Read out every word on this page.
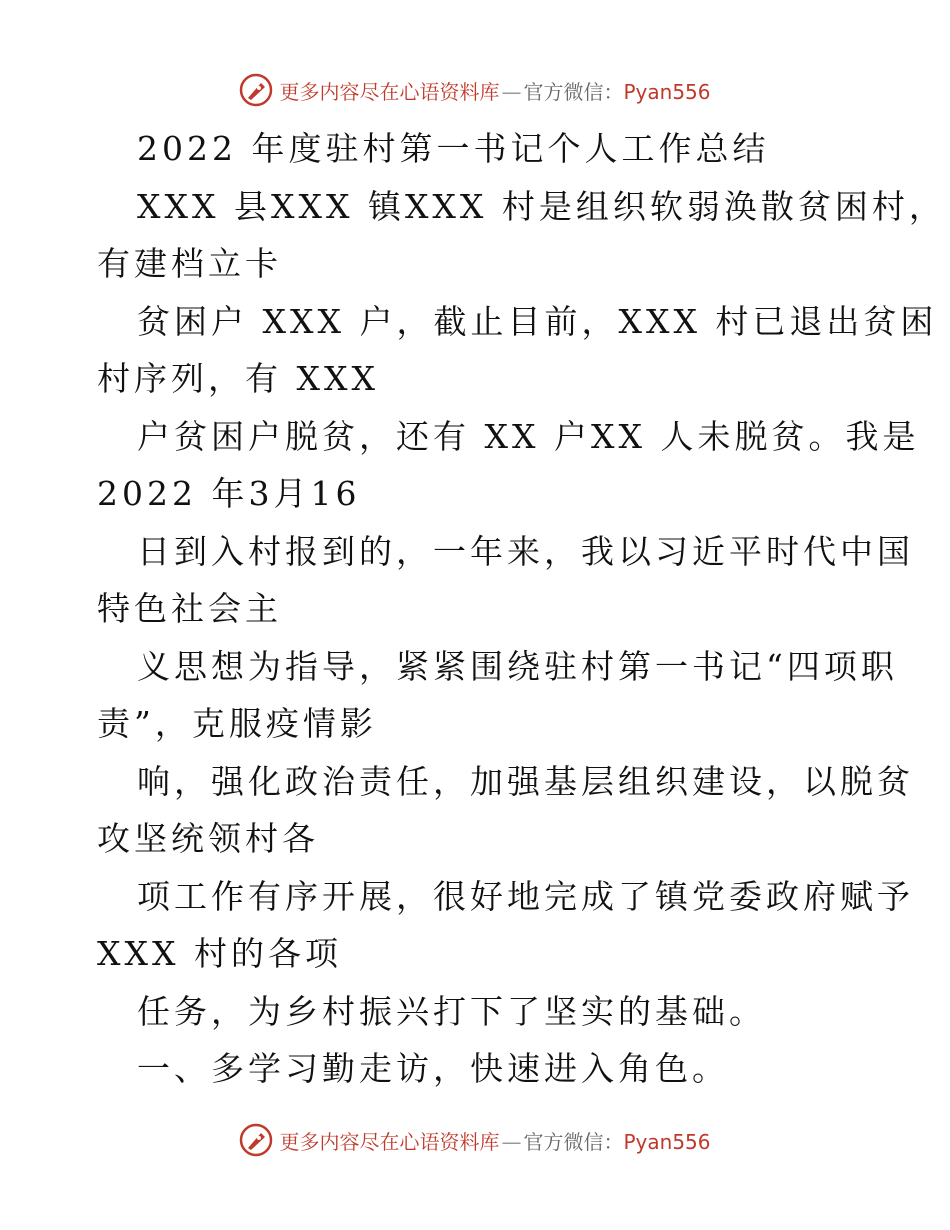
更多内容尽在心语资料库 — 官方微信：Pyan556
2022 年度驻村第一书记个人工作总结
XXX 县XXX 镇XXX 村是组织软弱涣散贫困村，
有建档立卡
贫困户 XXX 户，截止目前，XXX 村已退出贫困
村序列，有 XXX
户贫困户脱贫，还有 XX 户XX 人未脱贫。我是
2022 年3月16
日到入村报到的，一年来，我以习近平时代中国
特色社会主
义思想为指导，紧紧围绕驻村第一书记“四项职
责”，克服疫情影
响，强化政治责任，加强基层组织建设，以脱贫
攻坚统领村各
项工作有序开展，很好地完成了镇党委政府赋予
XXX 村的各项
任务，为乡村振兴打下了坚实的基础。
一、多学习勤走访，快速进入角色。
更多内容尽在心语资料库 — 官方微信：Pyan556
